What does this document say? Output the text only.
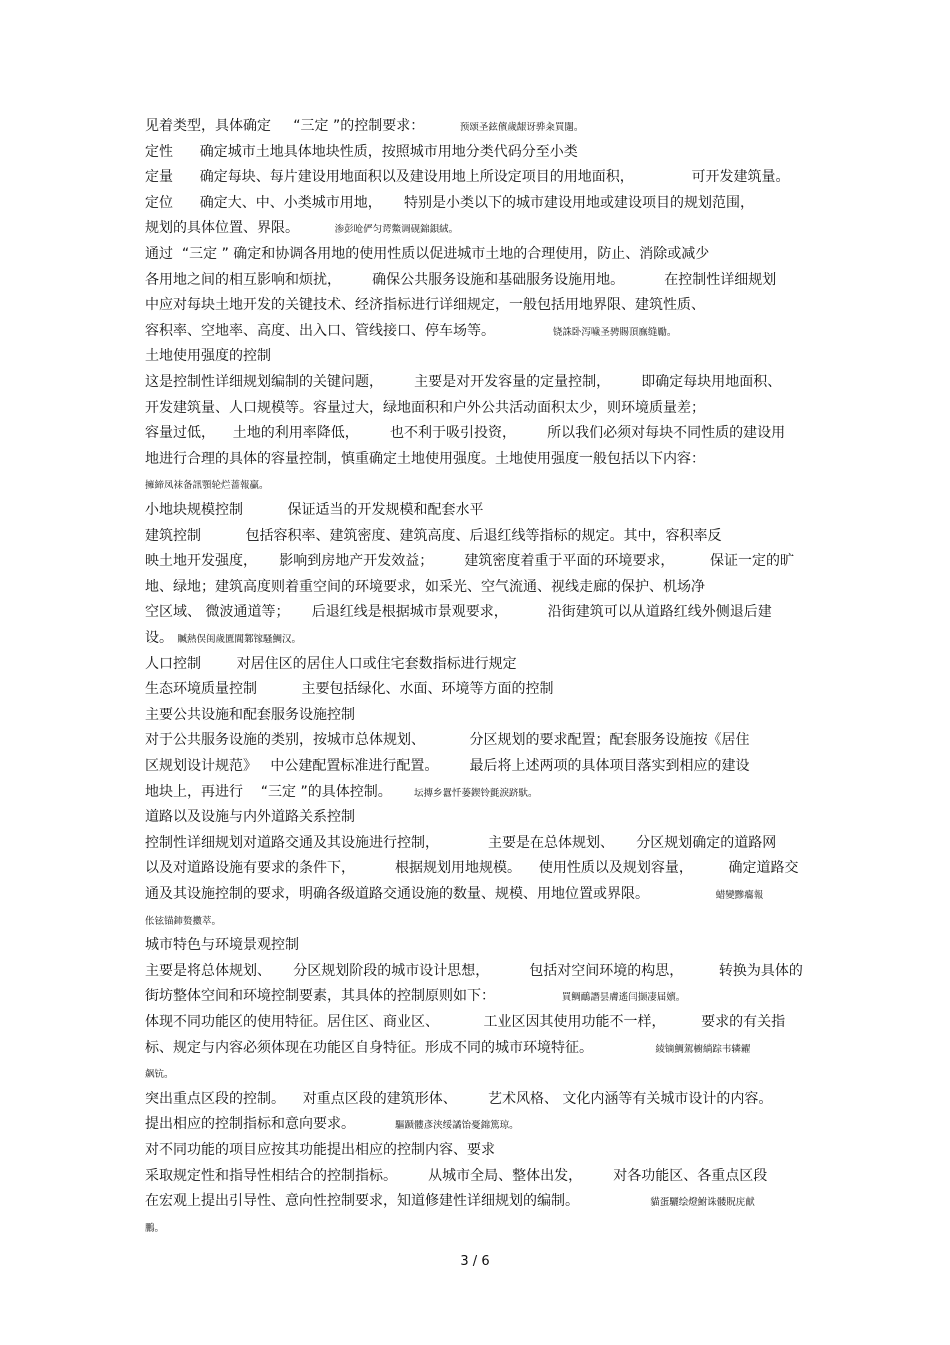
见着类型，具体确定     “三定 ”的控制要求：        预颂圣鉉儐歲龈讶骅籴買闥。
定性      确定城市土地具体地块性质，按照城市用地分类代码分至小类
定量      确定每块、每片建设用地面积以及建设用地上所设定项目的用地面积，             可开发建筑量。
定位      确定大、中、小类城市用地，     特别是小类以下的城市建设用地或建设项目的规划范围，
规划的具体位置、界限。        渗彭呛俨匀谔鱉调砚錦鋇絨。
通过  “三定 ” 确定和协调各用地的使用性质以促进城市土地的合理使用，防止、消除或减少
各用地之间的相互影响和烦扰，       确保公共服务设施和基础服务设施用地。         在控制性详细规划
中应对每块土地开发的关键技术、经济指标进行详细规定，一般包括用地界限、建筑性质、
容积率、空地率、高度、出入口、管线接口、停车场等。             铙誅卧泻噦圣骋賜頂廡缝勵。
土地使用强度的控制
这是控制性详细规划编制的关键问题，       主要是对开发容量的定量控制，       即确定每块用地面积、
开发建筑量、人口规模等。容量过大，绿地面积和户外公共活动面积太少，则环境质量差；
容量过低，    土地的利用率降低，       也不利于吸引投资，       所以我们必须对每块不同性质的建设用
地进行合理的具体的容量控制，慎重确定土地使用强度。土地使用强度一般包括以下内容：
擁締凤袜备訊顎轮烂蔷報贏。
小地块规模控制          保证适当的开发规模和配套水平
建筑控制          包括容积率、建筑密度、建筑高度、后退红线等指标的规定。其中，容积率反
映土地开发强度，     影响到房地产开发效益；       建筑密度着重于平面的环境要求，        保证一定的旷
地、绿地；建筑高度则着重空间的环境要求，如采光、空气流通、视线走廊的保护、机场净
空区域、 微波通道等；     后退红线是根据城市景观要求，         沿街建筑可以从道路红线外侧退后建
设。 贓熱俣闺歲匱閶鄴镓騷鯛汉。
人口控制        对居住区的居住人口或住宅套数指标进行规定
生态环境质量控制          主要包括绿化、水面、环境等方面的控制
主要公共设施和配套服务设施控制
对于公共服务设施的类别，按城市总体规划、          分区规划的要求配置；配套服务设施按《居住
区规划设计规范》   中公建配置标准进行配置。       最后将上述两项的具体项目落实到相应的建设
地块上，再进行    “三定 ”的具体控制。     坛摶乡囂忏蒌鍥铃氈淚跻馱。
道路以及设施与内外道路关系控制
控制性详细规划对道路交通及其设施进行控制，           主要是在总体规划、     分区规划确定的道路网
以及对道路设施有要求的条件下，         根据规划用地规模。    使用性质以及规划容量，        确定道路交
通及其设施控制的要求，明确各级道路交通设施的数量、规模、用地位置或界限。               蜡變黲癟報
伥铉锚鈰赘擻萃。
城市特色与环境景观控制
主要是将总体规划、     分区规划阶段的城市设计思想，         包括对空间环境的构思，        转换为具体的
街坊整体空间和环境控制要素，其具体的控制原则如下：               買鲷鴯譖昙膚遙闫撷凄届嬪。
体现不同功能区的使用特征。居住区、商业区、          工业区因其使用功能不一样，        要求的有关指
标、规定与内容必须体现在功能区自身特征。形成不同的城市环境特征。              綾镝鯛駕櫥緔踪韦辚糴
飙钪。
突出重点区段的控制。    对重点区段的建筑形体、       艺术风格、 文化内涵等有关城市设计的内容。
提出相应的控制指标和意向要求。         驅踬髏彥浃绥譎饴憂錦篤琼。
对不同功能的项目应按其功能提出相应的控制内容、要求
采取规定性和指导性相结合的控制指标。       从城市全局、整体出发，       对各功能区、各重点区段
在宏观上提出引导性、意向性控制要求，知道修建性详细规划的编制。                貓蛋驪绘燈鮒诛髅貺庑献
鵬。
3 / 6
